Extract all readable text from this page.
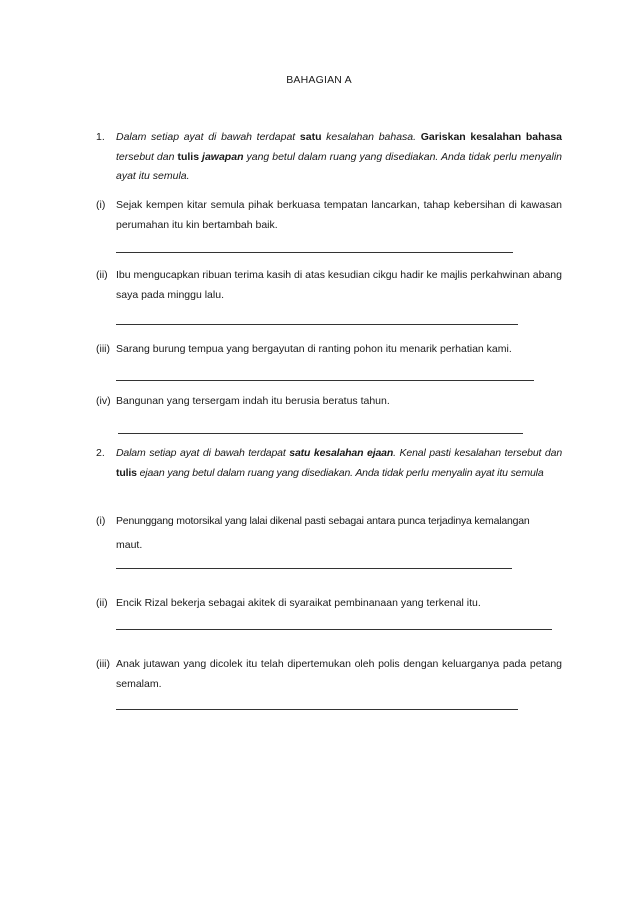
BAHAGIAN A
1. Dalam setiap ayat di bawah terdapat satu kesalahan bahasa. Gariskan kesalahan bahasa tersebut dan tulis jawapan yang betul dalam ruang yang disediakan. Anda tidak perlu menyalin ayat itu semula.
(i) Sejak kempen kitar semula pihak berkuasa tempatan lancarkan, tahap kebersihan di kawasan perumahan itu kin bertambah baik.
(ii) Ibu mengucapkan ribuan terima kasih di atas kesudian cikgu hadir ke majlis perkahwinan abang saya pada minggu lalu.
(iii) Sarang burung tempua yang bergayutan di ranting pohon itu menarik perhatian kami.
(iv) Bangunan yang tersergam indah itu berusia beratus tahun.
2. Dalam setiap ayat di bawah terdapat satu kesalahan ejaan. Kenal pasti kesalahan tersebut dan tulis ejaan yang betul dalam ruang yang disediakan. Anda tidak perlu menyalin ayat itu semula
(i) Penunggang motorsikal yang lalai dikenal pasti sebagai antara punca terjadinya kemalangan
maut.
(ii) Encik Rizal bekerja sebagai akitek di syaraikat pembinanaan yang terkenal itu.
(iii) Anak jutawan yang dicolek itu telah dipertemukan oleh polis dengan keluarganya pada petang semalam.
